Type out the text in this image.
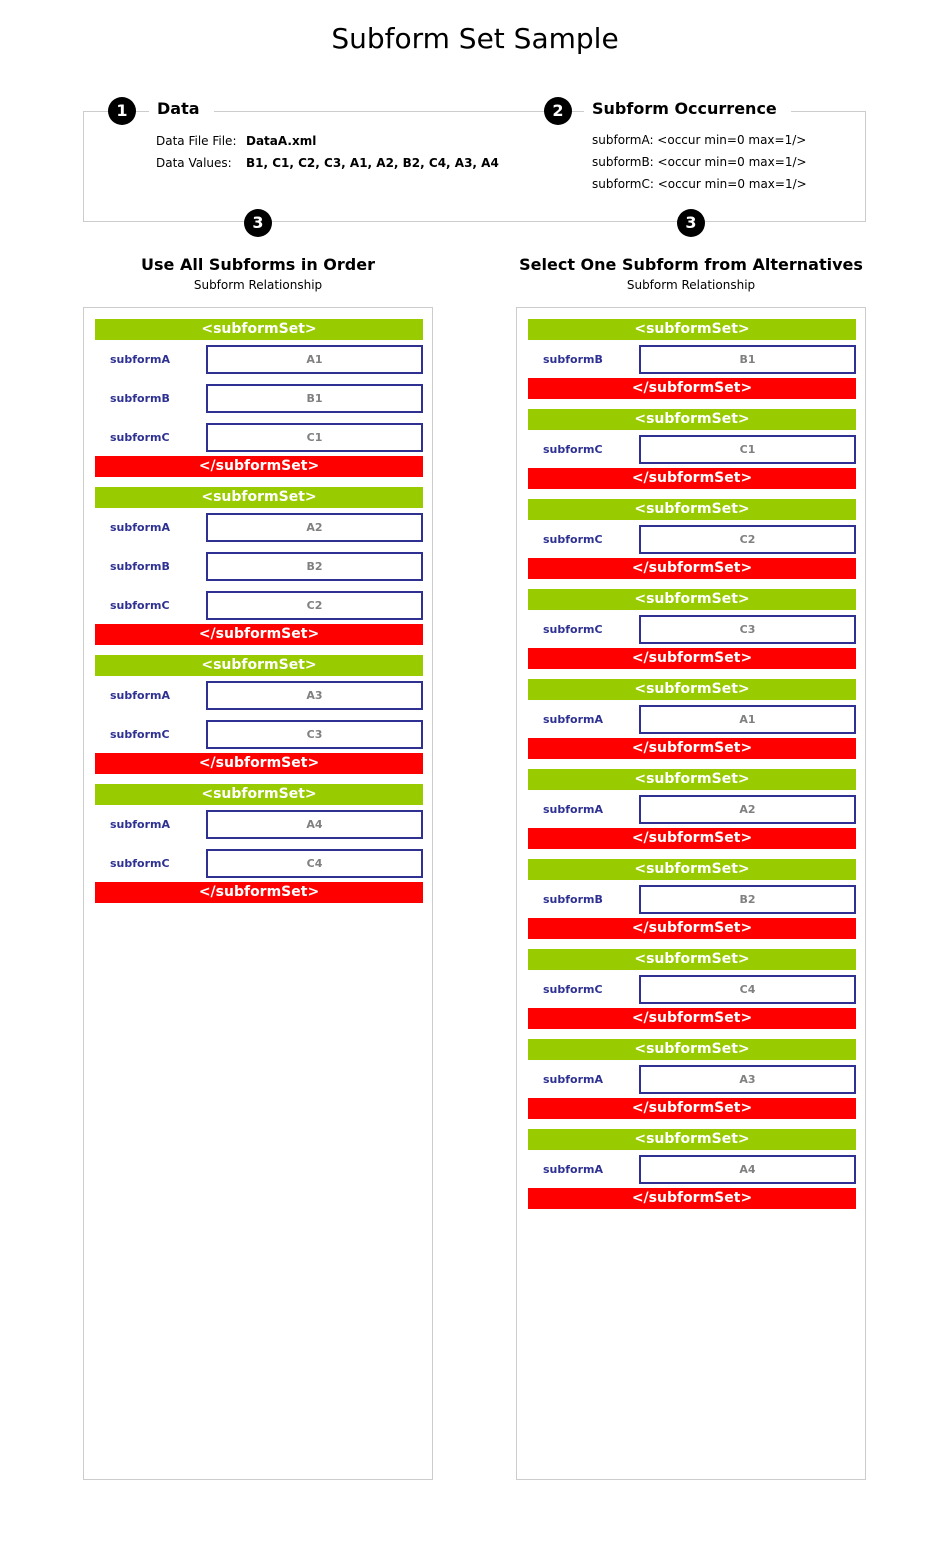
Subform Set Sample
1	Data
Data File File: DataA.xml
Data Values: B1, C1, C2, C3, A1, A2, B2, C4, A3, A4
2	Subform Occurrence
subformA: <occur min=0 max=1/>
subformB: <occur min=0 max=1/>
subformC: <occur min=0 max=1/>
3	3
Use All Subforms in Order
Subform Relationship
Select One Subform from Alternatives
Subform Relationship
<subformSet>
subformA	A1
subformB	B1
subformC	C1
</subformSet>
<subformSet>
subformA	A2
subformB	B2
subformC	C2
</subformSet>
<subformSet>
subformA	A3
subformC	C3
</subformSet>
<subformSet>
subformA	A4
subformC	C4
</subformSet>
<subformSet>
subformB	B1
</subformSet>
<subformSet>
subformC	C1
</subformSet>
<subformSet>
subformC	C2
</subformSet>
<subformSet>
subformC	C3
</subformSet>
<subformSet>
subformA	A1
</subformSet>
<subformSet>
subformA	A2
</subformSet>
<subformSet>
subformB	B2
</subformSet>
<subformSet>
subformC	C4
</subformSet>
<subformSet>
subformA	A3
</subformSet>
<subformSet>
subformA	A4
</subformSet>
